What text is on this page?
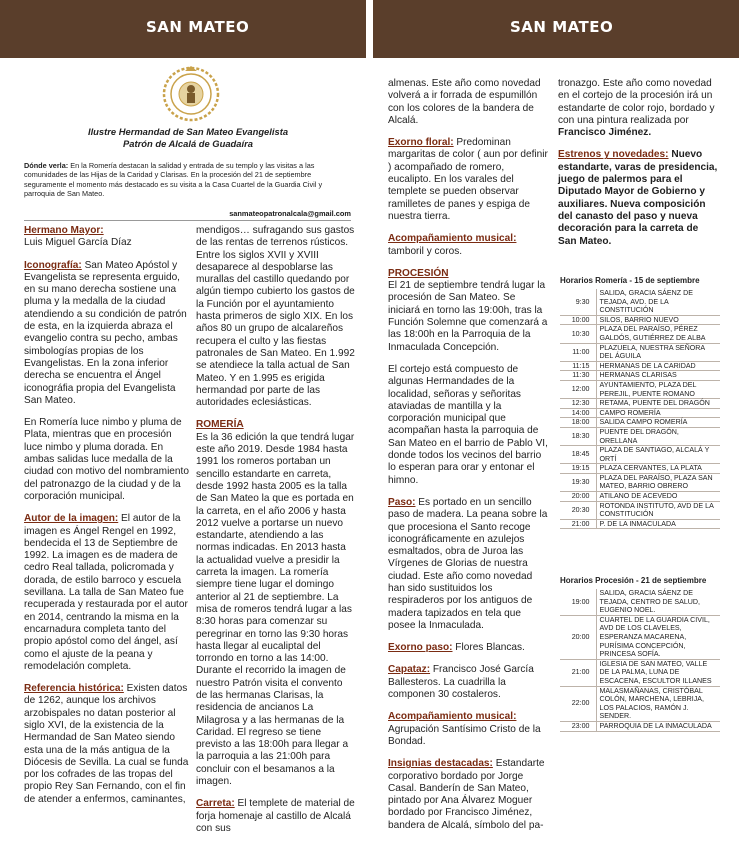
SAN MATEO	SAN MATEO
Ilustre Hermandad de San Mateo Evangelista
Patrón de Alcalá de Guadaíra
Dónde verla: En la Romería destacan la salidad y entrada de su templo y las visitas a las comunidades de las Hijas de la Caridad y Clarisas. En la procesión del 21 de septiembre seguramente el momento más destacado es su visita a la Casa Cuartel de la Guardia Civil y parroquia de San Mateo.
sanmateopatronalcala@gmail.com

Hermano Mayor:
Luis Miguel García Díaz

Iconografía: San Mateo Apóstol y Evangelista se representa erguido, en su mano derecha sostiene una pluma y la medalla de la ciudad atendiendo a su condición de patrón de esta, en la izquierda abraza el evangelio contra su pecho, ambas simbologías propias de los Evangelistas. En la zona inferior derecha se encuentra el Ángel iconográfia propia del Evangelista San Mateo.

En Romería luce nimbo y pluma de Plata, mientras que en procesión luce nimbo y pluma dorada. En ambas salidas luce medalla de la ciudad con motivo del nombramiento del patronazgo de la ciudad y de la corporación municipal.

Autor de la imagen: El autor de la imagen es Ángel Rengel en 1992, bendecida el 13 de Septiembre de 1992. La imagen es de madera de cedro Real tallada, policromada y dorada, de estilo barroco y escuela sevillana. La talla de San Mateo fue recuperada y restaurada por el autor en 2014, centrando la misma en la encarnadura completa tanto del propio apóstol como del ángel, así como el ajuste de la peana y remodelación completa.

Referencia histórica: Existen datos de 1262, aunque los archivos arzobispales no datan posterior al siglo XVI, de la existencia de la Hermandad de San Mateo siendo esta una de la más antigua de la Diócesis de Sevilla. La cual se funda por los cofrades de las tropas del propio Rey San Fernando, con el fin de atender a enfermos, caminantes,

mendigos… sufragando sus gastos de las rentas de terrenos rústicos. Entre los siglos XVII y XVIII desaparece al despoblarse las murallas del castillo quedando por algún tiempo cubierto los gastos de la Función por el ayuntamiento hasta primeros de siglo XIX. En los años 80 un grupo de alcalareños recupera el culto y las fiestas patronales de San Mateo. En 1.992 se atendiece la talla actual de San Mateo. Y en 1.995 es erigida hermandad por parte de las autoridades eclesiásticas.

ROMERÍA
Es la 36 edición la que tendrá lugar este año 2019. Desde 1984 hasta 1991 los romeros portaban un sencillo estandarte en carreta, desde 1992 hasta 2005 es la talla de San Mateo la que es portada en la carreta, en el año 2006 y hasta 2012 vuelve a portarse un nuevo estandarte, atendiendo a las normas indicadas. En 2013 hasta la actualidad vuelve a presidir la carreta la imagen. La romería siempre tiene lugar el domingo anterior al 21 de septiembre. La misa de romeros tendrá lugar a las 8:30 horas para comenzar su peregrinar en torno las 9:30 horas hasta llegar al eucaliptal del torrondo en torno a las 14:00. Durante el recorrido la imagen de nuestro Patrón visita el convento de las hermanas Clarisas, la residencia de ancianos La Milagrosa y a las hermanas de la Caridad. El regreso se tiene previsto a las 18:00h para llegar a la parroquia a las 21:00h para concluir con el besamanos a la imagen.

Carreta: El templete de material de forja homenaje al castillo de Alcalá con sus

almenas. Este año como novedad volverá a ir forrada de espumillón con los colores de la bandera de Alcalá.

Exorno floral: Predominan margaritas de color ( aun por definir ) acompañado de romero, eucalipto. En los varales del templete se pueden observar ramilletes de panes y espiga de nuestra tierra.

Acompañamiento musical: tamboril y coros.

PROCESIÓN
El 21 de septiembre tendrá lugar la procesión de San Mateo. Se iniciará en torno las 19:00h, tras la Función Solemne que comenzará a las 18:00h en la Parroquia de la Inmaculada Concepción.

El cortejo está compuesto de algunas Hermandades de la localidad, señoras y señoritas ataviadas de mantilla y la corporación municipal que acompañan hasta la parroquia de San Mateo en el barrio de Pablo VI, donde todos los vecinos del barrio lo esperan para orar y entonar el himno.

Paso: Es portado en un sencillo paso de madera. La peana sobre la que procesiona el Santo recoge iconográficamente en azulejos esmaltados, obra de Juroa las Vírgenes de Glorias de nuestra ciudad. Este año como novedad han sido sustituidos los respiraderos por los antiguos de madera tapizados en tela que posee la Inmaculada.

Exorno paso: Flores Blancas.

Capataz: Francisco José García Ballesteros. La cuadrilla la componen 30 costaleros.

Acompañamiento musical: Agrupación Santísimo Cristo de la Bondad.

Insignias destacadas: Estandarte corporativo bordado por Jorge Casal. Banderín de San Mateo, pintado por Ana Álvarez Moguer bordado por Francisco Jiménez, bandera de Alcalá, símbolo del pa-

tronazgo. Este año como novedad en el cortejo de la procesión irá un estandarte de color rojo, bordado y con una pintura realizada por Francisco Jiménez.

Estrenos y novedades: Nuevo estandarte, varas de presidencia, juego de palermos para el Diputado Mayor de Gobierno y auxiliares. Nueva composición del canasto del paso y nueva decoración para la carreta de San Mateo.

Horarios Romería - 15 de septiembre
9:30	SALIDA, GRACIA SÁENZ DE TEJADA, AVD. DE LA CONSTITUCIÓN
10:00	SILOS, BARRIO NUEVO
10:30	PLAZA DEL PARAÍSO, PÉREZ GALDÓS, GUTIÉRREZ DE ALBA
11:00	PLAZUELA, NUESTRA SEÑORA DEL ÁGUILA
11:15	HERMANAS DE LA CARIDAD
11:30	HERMANAS CLARISAS
12:00	AYUNTAMIENTO, PLAZA DEL PEREJIL, PUENTE ROMANO
12:30	RETAMA, PUENTE DEL DRAGÓN
14:00	CAMPO ROMERÍA
18:00	SALIDA CAMPO ROMERÍA
18:30	PUENTE DEL DRAGÓN, ORELLANA
18:45	PLAZA DE SANTIAGO, ALCALÁ Y ORTÍ
19:15	PLAZA CERVANTES, LA PLATA
19:30	PLAZA DEL PARAÍSO, PLAZA SAN MATEO, BARRIO OBRERO
20:00	ATILANO DE ACEVEDO
20:30	ROTONDA INSTITUTO, AVD DE LA CONSTITUCIÓN
21:00	P. DE LA INMACULADA
Horarios Procesión - 21 de septiembre
19:00	SALIDA, GRACIA SÁENZ DE TEJADA, CENTRO DE SALUD, EUGENIO NOEL.
20:00	CUARTEL DE LA GUARDIA CIVIL, AVD DE LOS CLAVELES, ESPERANZA MACARENA, PURÍSIMA CONCEPCIÓN, PRINCESA SOFÍA.
21:00	IGLESIA DE SAN MATEO, VALLE DE LA PALMA, LUNA DE ESCACENA, ESCULTOR ILLANES
22:00	MALASMAÑANAS, CRISTÓBAL COLÓN, MARCHENA, LEBRIJA, LOS PALACIOS, RAMÓN J. SENDER.
23:00	PARROQUIA DE LA INMACULADA
